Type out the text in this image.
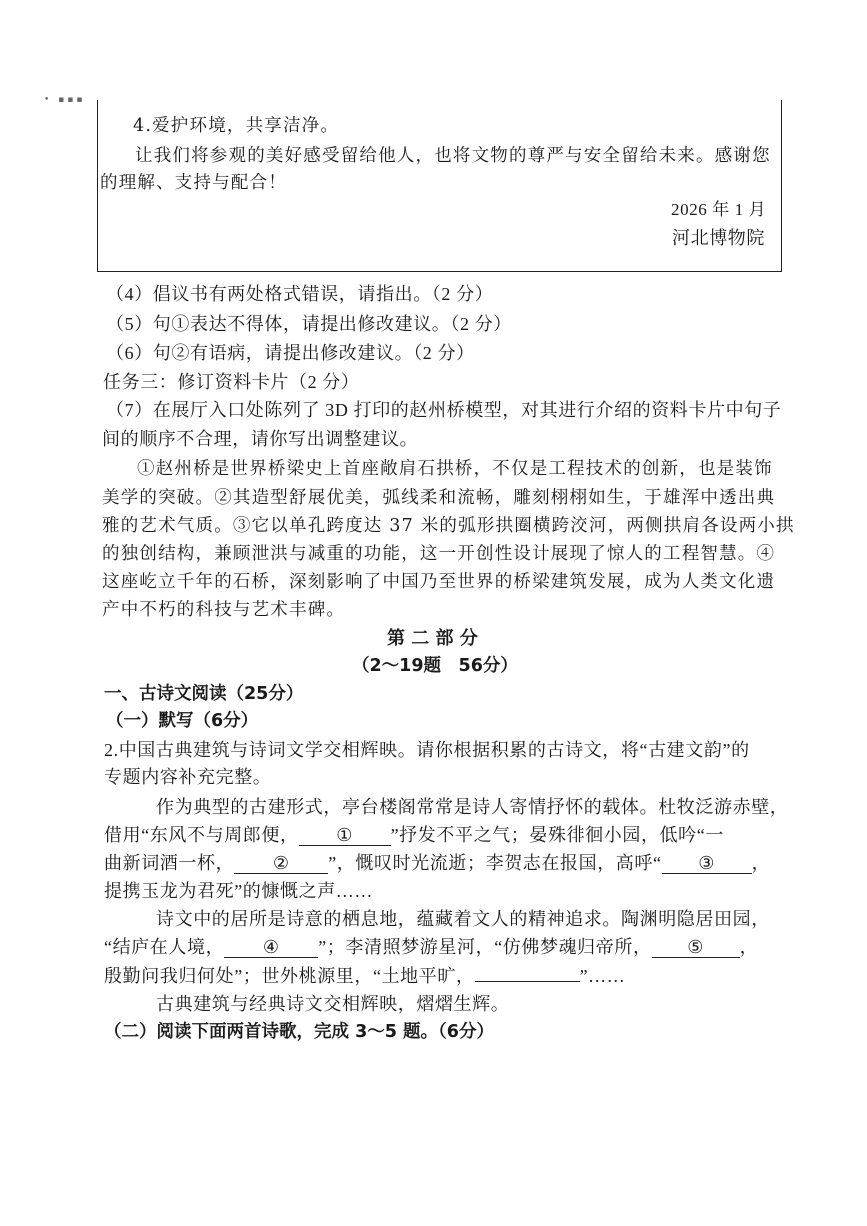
• ▪▪▪
4.爱护环境，共享洁净。
让我们将参观的美好感受留给他人，也将文物的尊严与安全留给未来。感谢您
的理解、支持与配合！
2026 年 1 月
河北博物院
（4）倡议书有两处格式错误，请指出。（2 分）
（5）句①表达不得体，请提出修改建议。（2 分）
（6）句②有语病，请提出修改建议。（2 分）
任务三：修订资料卡片（2 分）
（7）在展厅入口处陈列了 3D 打印的赵州桥模型，对其进行介绍的资料卡片中句子
间的顺序不合理，请你写出调整建议。
①赵州桥是世界桥梁史上首座敞肩石拱桥，不仅是工程技术的创新，也是装饰
美学的突破。②其造型舒展优美，弧线柔和流畅，雕刻栩栩如生，于雄浑中透出典
雅的艺术气质。③它以单孔跨度达 37 米的弧形拱圈横跨洨河，两侧拱肩各设两小拱
的独创结构，兼顾泄洪与减重的功能，这一开创性设计展现了惊人的工程智慧。④
这座屹立千年的石桥，深刻影响了中国乃至世界的桥梁建筑发展，成为人类文化遗
产中不朽的科技与艺术丰碑。
第 二 部 分
（2～19题　56分）
一、古诗文阅读（25分）
（一）默写（6分）
2.中国古典建筑与诗词文学交相辉映。请你根据积累的古诗文，将“古建文韵”的
专题内容补充完整。
作为典型的古建形式，亭台楼阁常常是诗人寄情抒怀的载体。杜牧泛游赤壁，
借用“东风不与周郎便， ① ”抒发不平之气；晏殊徘徊小园，低吟“一
曲新词酒一杯， ② ”，慨叹时光流逝；李贺志在报国，高呼“ ③ ，
提携玉龙为君死”的慷慨之声……
诗文中的居所是诗意的栖息地，蕴藏着文人的精神追求。陶渊明隐居田园，
“结庐在人境， ④ ”；李清照梦游星河，“仿佛梦魂归帝所， ⑤ ，
殷勤问我归何处”；世外桃源里，“土地平旷，	”……
古典建筑与经典诗文交相辉映，熠熠生辉。
（二）阅读下面两首诗歌，完成 3～5 题。（6分）
